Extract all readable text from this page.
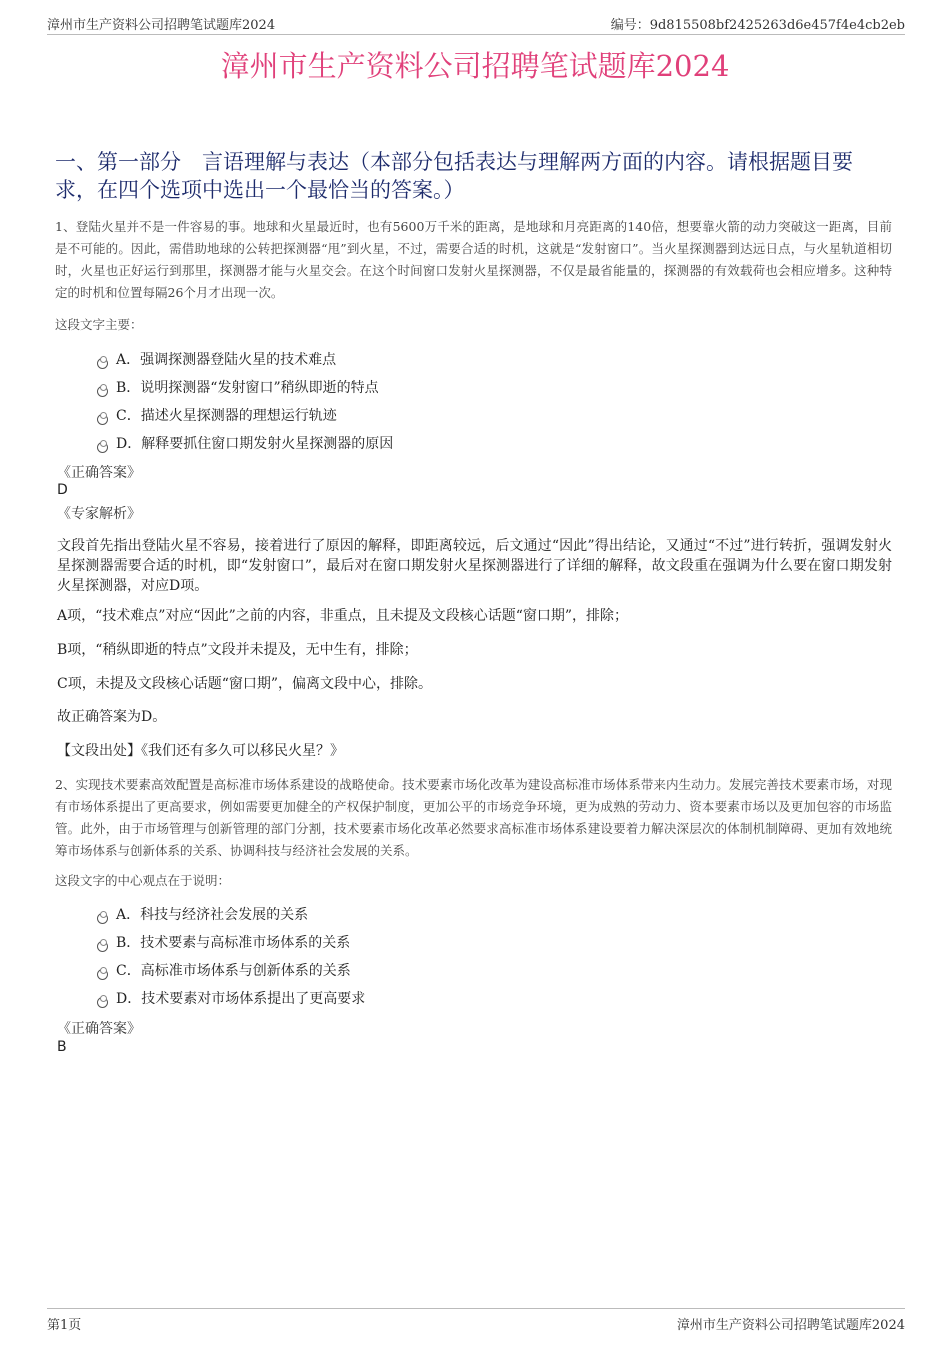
漳州市生产资料公司招聘笔试题库2024	编号：9d815508bf2425263d6e457f4e4cb2eb
漳州市生产资料公司招聘笔试题库2024
一、第一部分　言语理解与表达（本部分包括表达与理解两方面的内容。请根据题目要求，在四个选项中选出一个最恰当的答案。）
1、登陆火星并不是一件容易的事。地球和火星最近时，也有5600万千米的距离，是地球和月亮距离的140倍，想要靠火箭的动力突破这一距离，目前是不可能的。因此，需借助地球的公转把探测器“甩”到火星，不过，需要合适的时机，这就是“发射窗口”。当火星探测器到达远日点，与火星轨道相切时，火星也正好运行到那里，探测器才能与火星交会。在这个时间窗口发射火星探测器，不仅是最省能量的，探测器的有效载荷也会相应增多。这种特定的时机和位置每隔26个月才出现一次。
这段文字主要：
A．强调探测器登陆火星的技术难点
B．说明探测器“发射窗口”稍纵即逝的特点
C．描述火星探测器的理想运行轨迹
D．解释要抓住窗口期发射火星探测器的原因
《正确答案》
D
《专家解析》
文段首先指出登陆火星不容易，接着进行了原因的解释，即距离较远，后文通过“因此”得出结论，又通过“不过”进行转折，强调发射火星探测器需要合适的时机，即“发射窗口”，最后对在窗口期发射火星探测器进行了详细的解释，故文段重在强调为什么要在窗口期发射火星探测器，对应D项。
A项，“技术难点”对应“因此”之前的内容，非重点，且未提及文段核心话题“窗口期”，排除；
B项，“稍纵即逝的特点”文段并未提及，无中生有，排除；
C项，未提及文段核心话题“窗口期”，偏离文段中心，排除。
故正确答案为D。
【文段出处】《我们还有多久可以移民火星？》
2、实现技术要素高效配置是高标准市场体系建设的战略使命。技术要素市场化改革为建设高标准市场体系带来内生动力。发展完善技术要素市场，对现有市场体系提出了更高要求，例如需要更加健全的产权保护制度，更加公平的市场竞争环境，更为成熟的劳动力、资本要素市场以及更加包容的市场监管。此外，由于市场管理与创新管理的部门分割，技术要素市场化改革必然要求高标准市场体系建设要着力解决深层次的体制机制障碍、更加有效地统筹市场体系与创新体系的关系、协调科技与经济社会发展的关系。
这段文字的中心观点在于说明：
A．科技与经济社会发展的关系
B．技术要素与高标准市场体系的关系
C．高标准市场体系与创新体系的关系
D．技术要素对市场体系提出了更高要求
《正确答案》
B
第1页	漳州市生产资料公司招聘笔试题库2024
